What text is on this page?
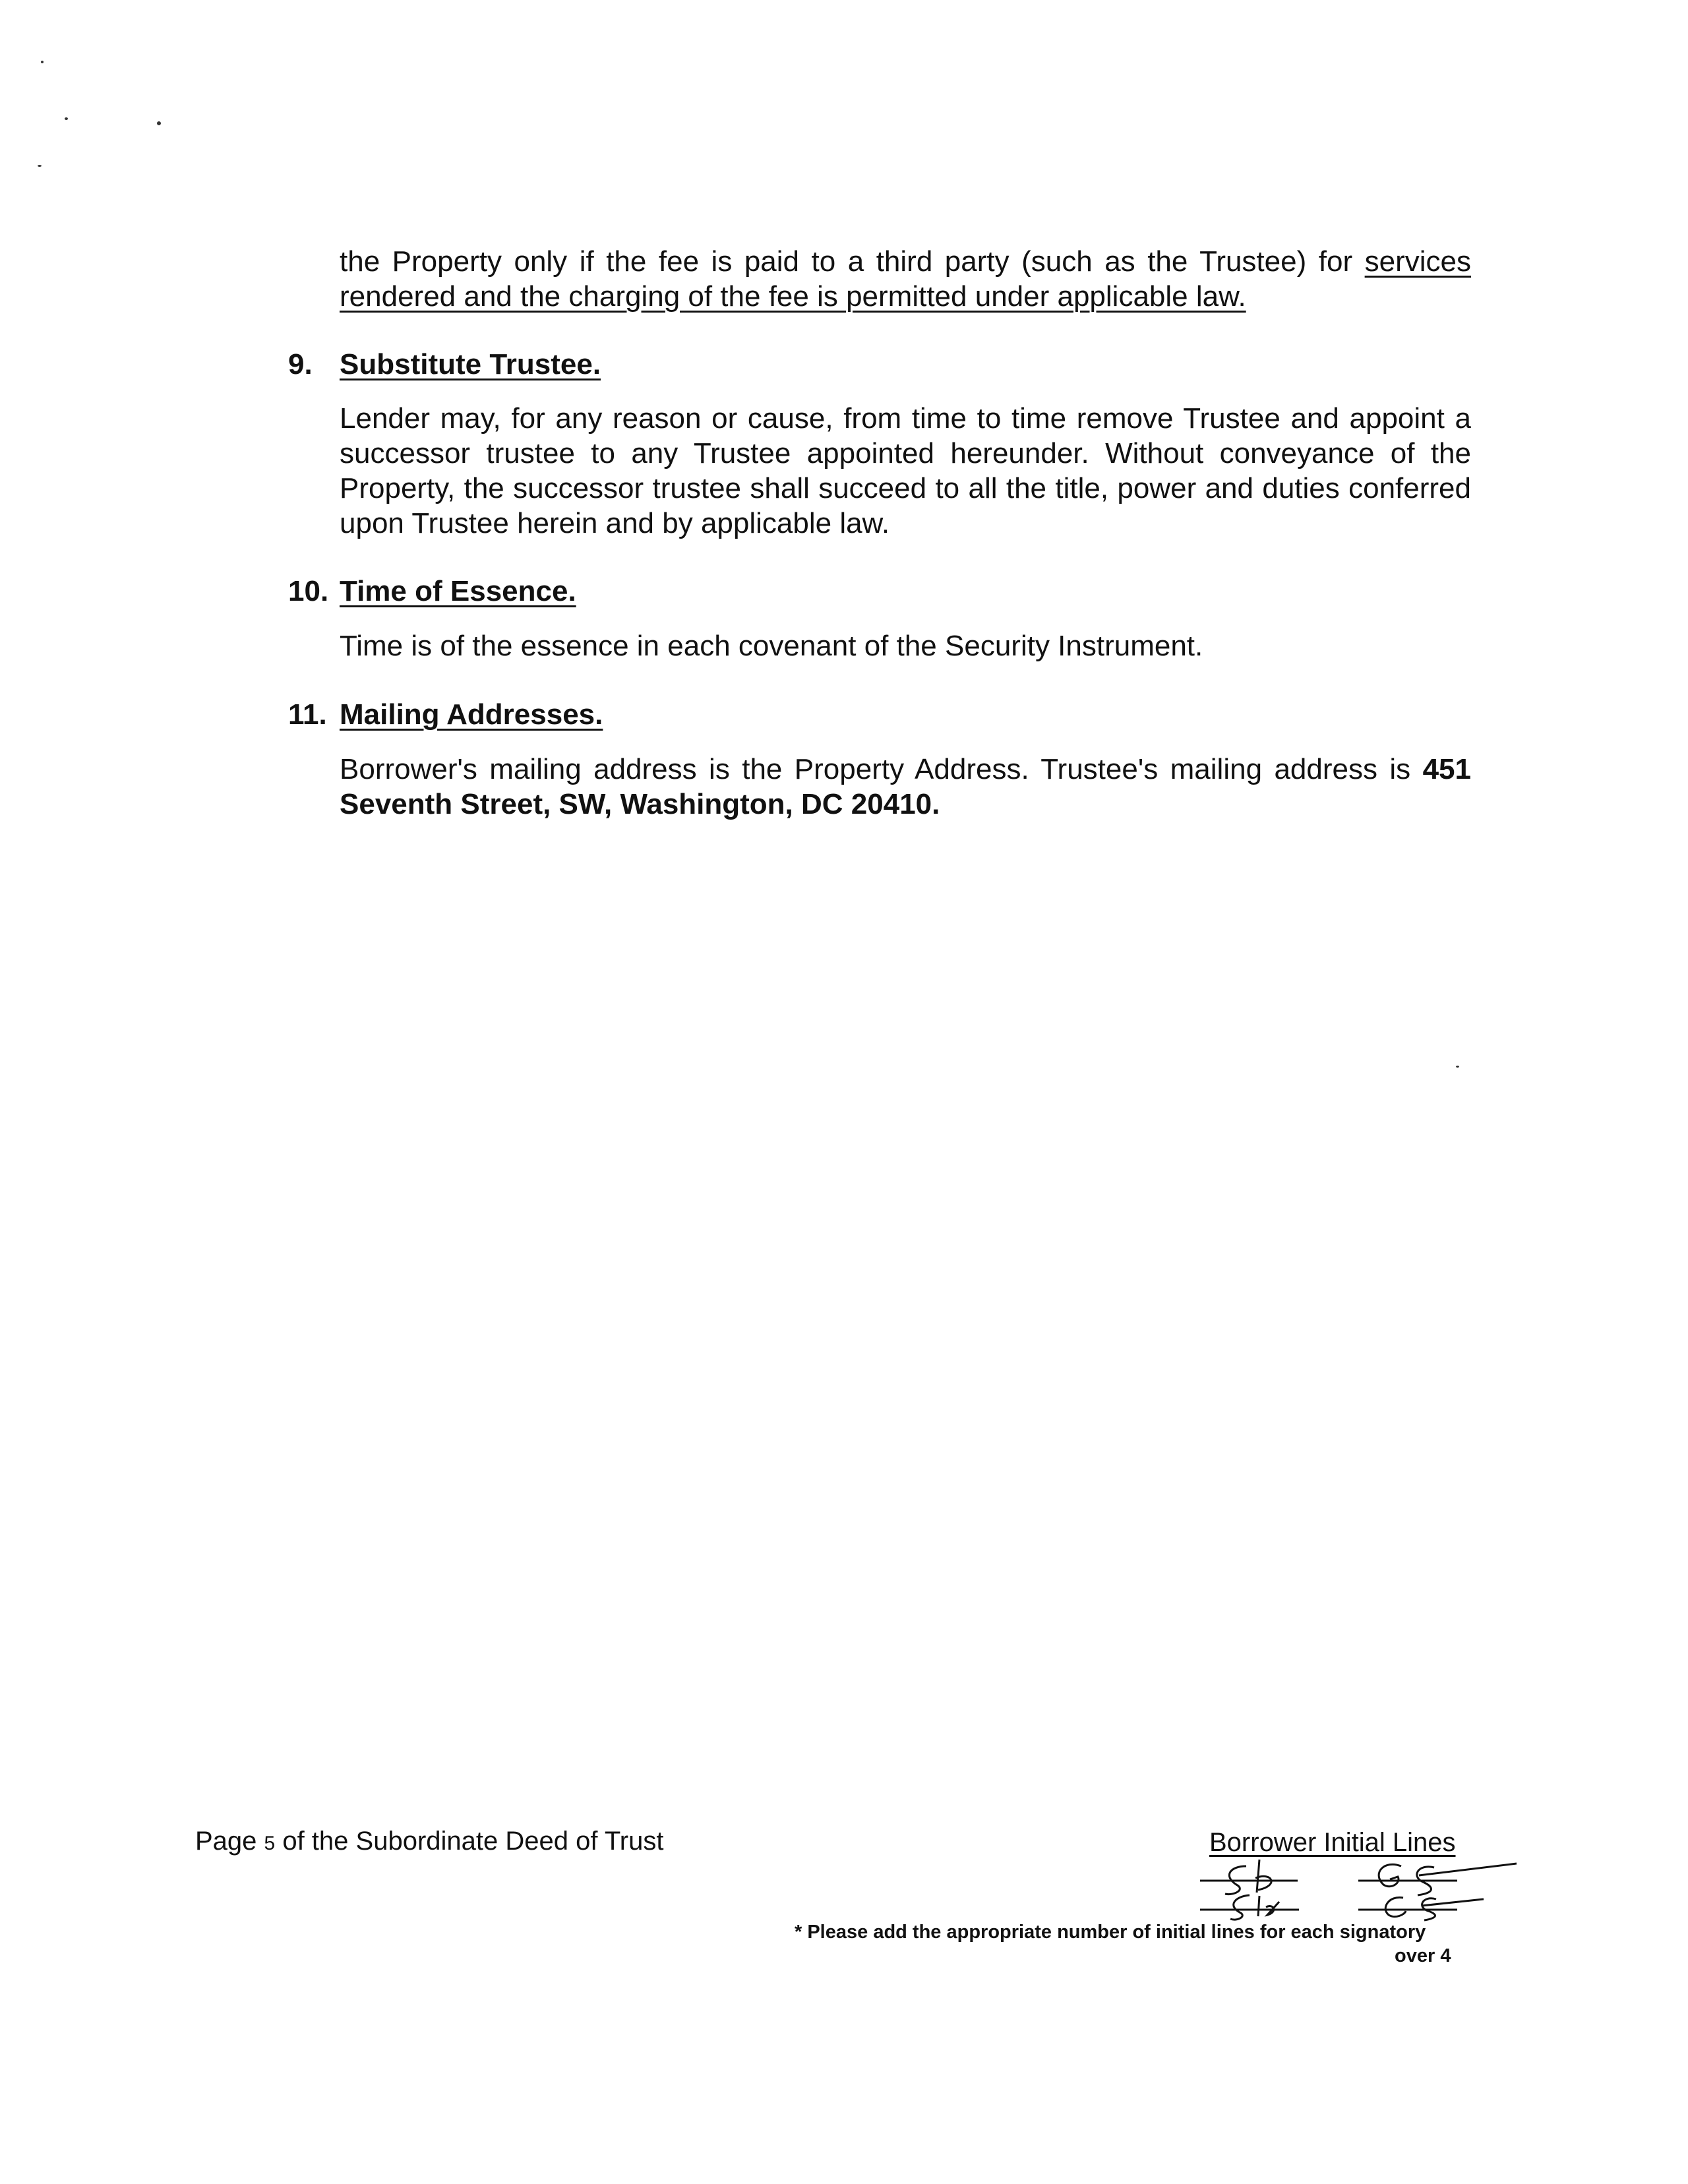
the Property only if the fee is paid to a third party (such as the Trustee) for services rendered and the charging of the fee is permitted under applicable law.
9. Substitute Trustee.
Lender may, for any reason or cause, from time to time remove Trustee and appoint a successor trustee to any Trustee appointed hereunder. Without conveyance of the Property, the successor trustee shall succeed to all the title, power and duties conferred upon Trustee herein and by applicable law.
10. Time of Essence.
Time is of the essence in each covenant of the Security Instrument.
11. Mailing Addresses.
Borrower's mailing address is the Property Address. Trustee's mailing address is 451 Seventh Street, SW, Washington, DC 20410.
Page 5 of the Subordinate Deed of Trust	Borrower Initial Lines
* Please add the appropriate number of initial lines for each signatory
over 4
